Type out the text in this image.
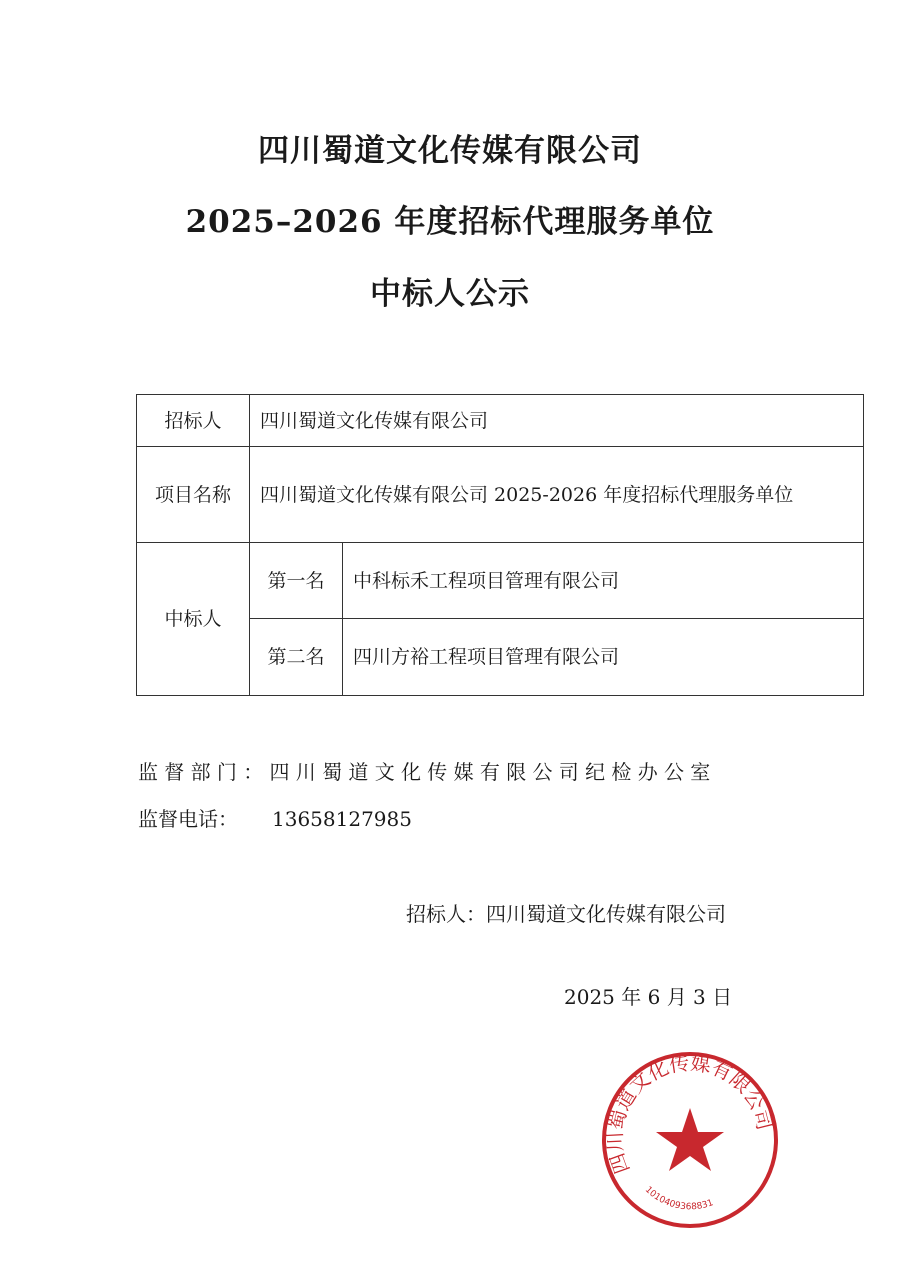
四川蜀道文化传媒有限公司
2025–2026 年度招标代理服务单位
中标人公示
招标人	四川蜀道文化传媒有限公司	
项目名称	四川蜀道文化传媒有限公司 2025-2026 年度招标代理服务单位	
中标人	第一名	中科标禾工程项目管理有限公司
	第二名	四川方裕工程项目管理有限公司
监督部门：四川蜀道文化传媒有限公司纪检办公室
监督电话： 13658127985
招标人：四川蜀道文化传媒有限公司
2025 年 6 月 3 日
四川蜀道文化传媒有限公司
1010409368831
